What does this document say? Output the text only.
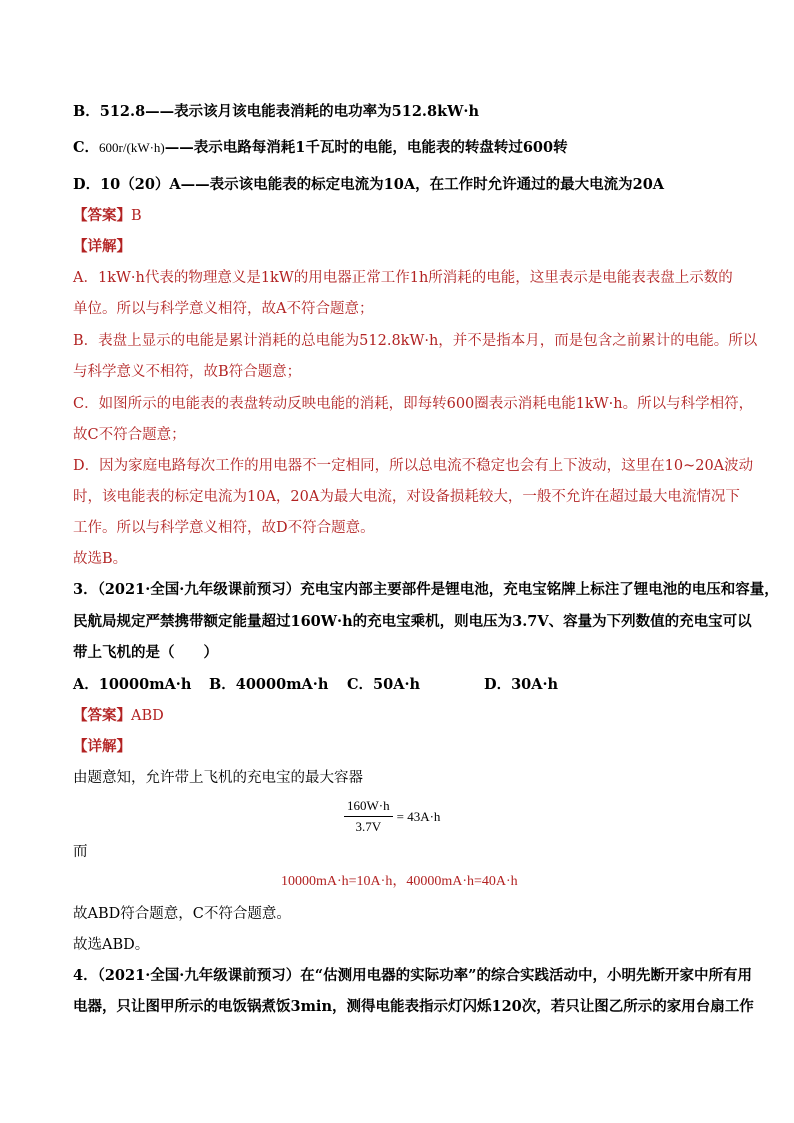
B．512.8——表示该月该电能表消耗的电功率为512.8kW·h
C．600r/(kW·h)——表示电路每消耗1千瓦时的电能，电能表的转盘转过600转
D．10（20）A——表示该电能表的标定电流为10A，在工作时允许通过的最大电流为20A
【答案】B
【详解】
A．1kW·h代表的物理意义是1kW的用电器正常工作1h所消耗的电能，这里表示是电能表表盘上示数的
单位。所以与科学意义相符，故A不符合题意；
B．表盘上显示的电能是累计消耗的总电能为512.8kW·h，并不是指本月，而是包含之前累计的电能。所以
与科学意义不相符，故B符合题意；
C．如图所示的电能表的表盘转动反映电能的消耗，即每转600圈表示消耗电能1kW·h。所以与科学相符，
故C不符合题意；
D．因为家庭电路每次工作的用电器不一定相同，所以总电流不稳定也会有上下波动，这里在10~20A波动
时，该电能表的标定电流为10A，20A为最大电流，对设备损耗较大，一般不允许在超过最大电流情况下
工作。所以与科学意义相符，故D不符合题意。
故选B。
3．（2021·全国·九年级课前预习）充电宝内部主要部件是锂电池，充电宝铭牌上标注了锂电池的电压和容量，
民航局规定严禁携带额定能量超过160W·h的充电宝乘机，则电压为3.7V、容量为下列数值的充电宝可以
带上飞机的是（　　）
A．10000mA·h B．40000mA·h C．50A·h	D．30A·h
【答案】ABD
【详解】
由题意知，允许带上飞机的充电宝的最大容器
$\frac{160W\cdot h}{3.7V} = 43A\cdot h$
而
10000mA·h=10A·h，40000mA·h=40A·h
故ABD符合题意，C不符合题意。
故选ABD。
4．（2021·全国·九年级课前预习）在“估测用电器的实际功率”的综合实践活动中，小明先断开家中所有用
电器，只让图甲所示的电饭锅煮饭3min，测得电能表指示灯闪烁120次，若只让图乙所示的家用台扇工作
